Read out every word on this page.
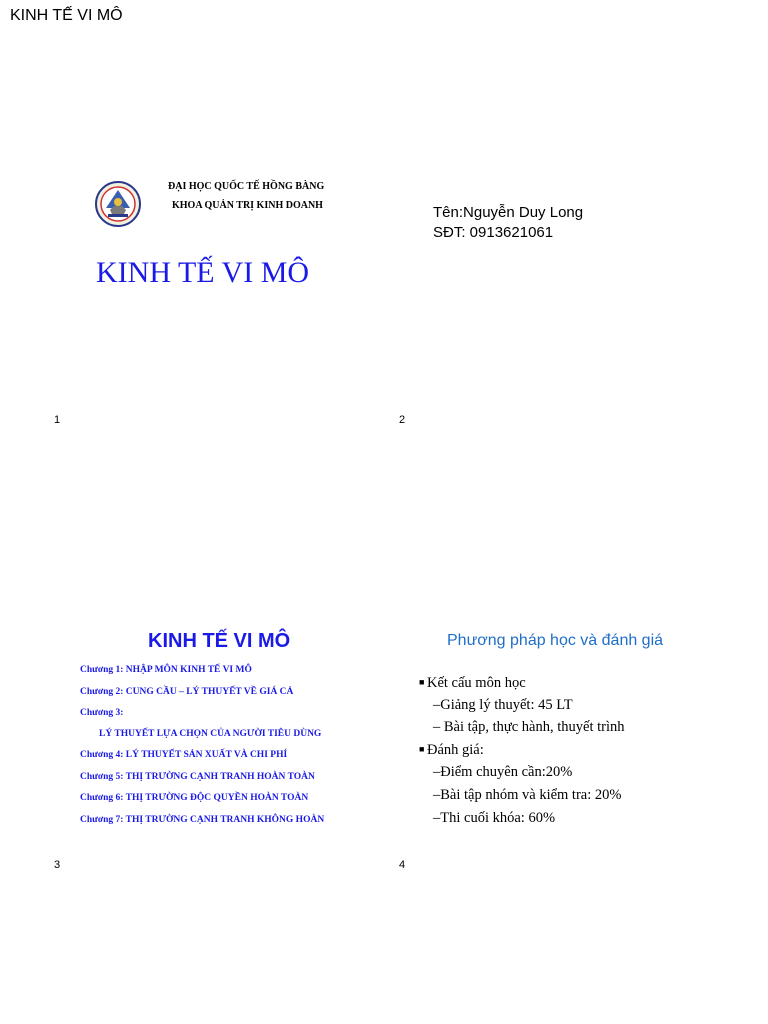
KINH TẾ VI MÔ
ĐẠI HỌC QUỐC TẾ HỒNG BÀNG
KHOA QUẢN TRỊ KINH DOANH
KINH TẾ VI MÔ
1
Tên:Nguyễn Duy Long
SĐT: 0913621061
2
KINH TẾ VI MÔ
Chương 1: NHẬP MÔN KINH TẾ VI MÔ
Chương 2: CUNG CẦU – LÝ THUYẾT VỀ GIÁ CẢ
Chương 3:
LÝ THUYẾT LỰA CHỌN CỦA NGƯỜI TIÊU DÙNG
Chương 4: LÝ THUYẾT SẢN XUẤT VÀ CHI PHÍ
Chương 5: THỊ TRƯỜNG CẠNH TRANH HOÀN TOÀN
Chương 6: THỊ TRƯỜNG ĐỘC QUYỀN HOÀN TOÀN
Chương 7: THỊ TRƯỜNG CẠNH TRANH KHÔNG HOÀN
3
Phương pháp học và đánh giá
■ Kết cấu môn học
–Giảng lý thuyết: 45 LT
– Bài tập, thực hành, thuyết trình
■ Đánh giá:
–Điểm chuyên cần:20%
–Bài tập nhóm và kiểm tra: 20%
–Thi cuối khóa: 60%
4
